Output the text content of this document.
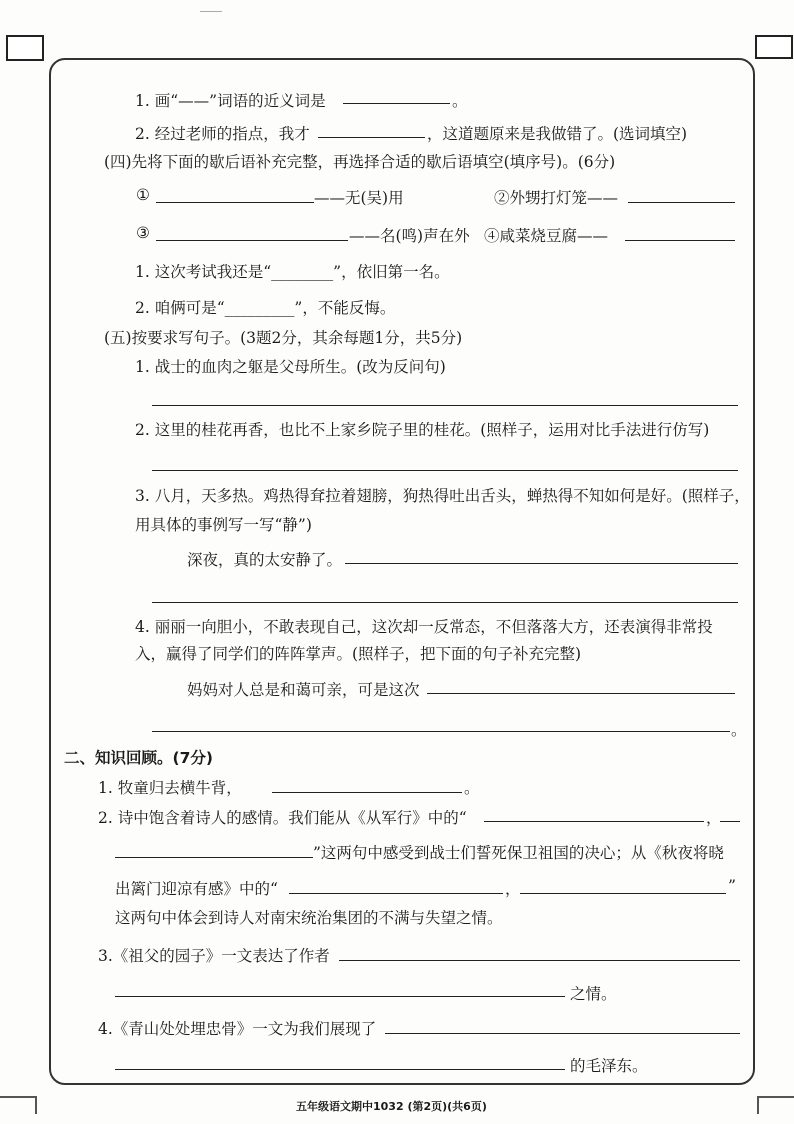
1. 画“——”词语的近义词是	。
2. 经过老师的指点，我才	，这道题原来是我做错了。(选词填空)
(四)先将下面的歇后语补充完整，再选择合适的歇后语填空(填序号)。(6分)
①	——无(吴)用	②外甥打灯笼——
③	——名(鸣)声在外 ④咸菜烧豆腐——
1. 这次考试我还是“________”，依旧第一名。
2. 咱俩可是“_________”，不能反悔。
(五)按要求写句子。(3题2分，其余每题1分，共5分)
1. 战士的血肉之躯是父母所生。(改为反问句)
2. 这里的桂花再香，也比不上家乡院子里的桂花。(照样子，运用对比手法进行仿写)
3. 八月，天多热。鸡热得耷拉着翅膀，狗热得吐出舌头，蝉热得不知如何是好。(照样子，
用具体的事例写一写“静”)
深夜，真的太安静了。
4. 丽丽一向胆小，不敢表现自己，这次却一反常态，不但落落大方，还表演得非常投
入，赢得了同学们的阵阵掌声。(照样子，把下面的句子补充完整)
妈妈对人总是和蔼可亲，可是这次
。
二、知识回顾。(7分)
1. 牧童归去横牛背，	。
2. 诗中饱含着诗人的感情。我们能从《从军行》中的“	，
”这两句中感受到战士们誓死保卫祖国的决心；从《秋夜将晓
出篱门迎凉有感》中的“	，	”
这两句中体会到诗人对南宋统治集团的不满与失望之情。
3.《祖父的园子》一文表达了作者
之情。
4.《青山处处埋忠骨》一文为我们展现了
的毛泽东。
五年级语文期中1032 (第2页)(共6页)
